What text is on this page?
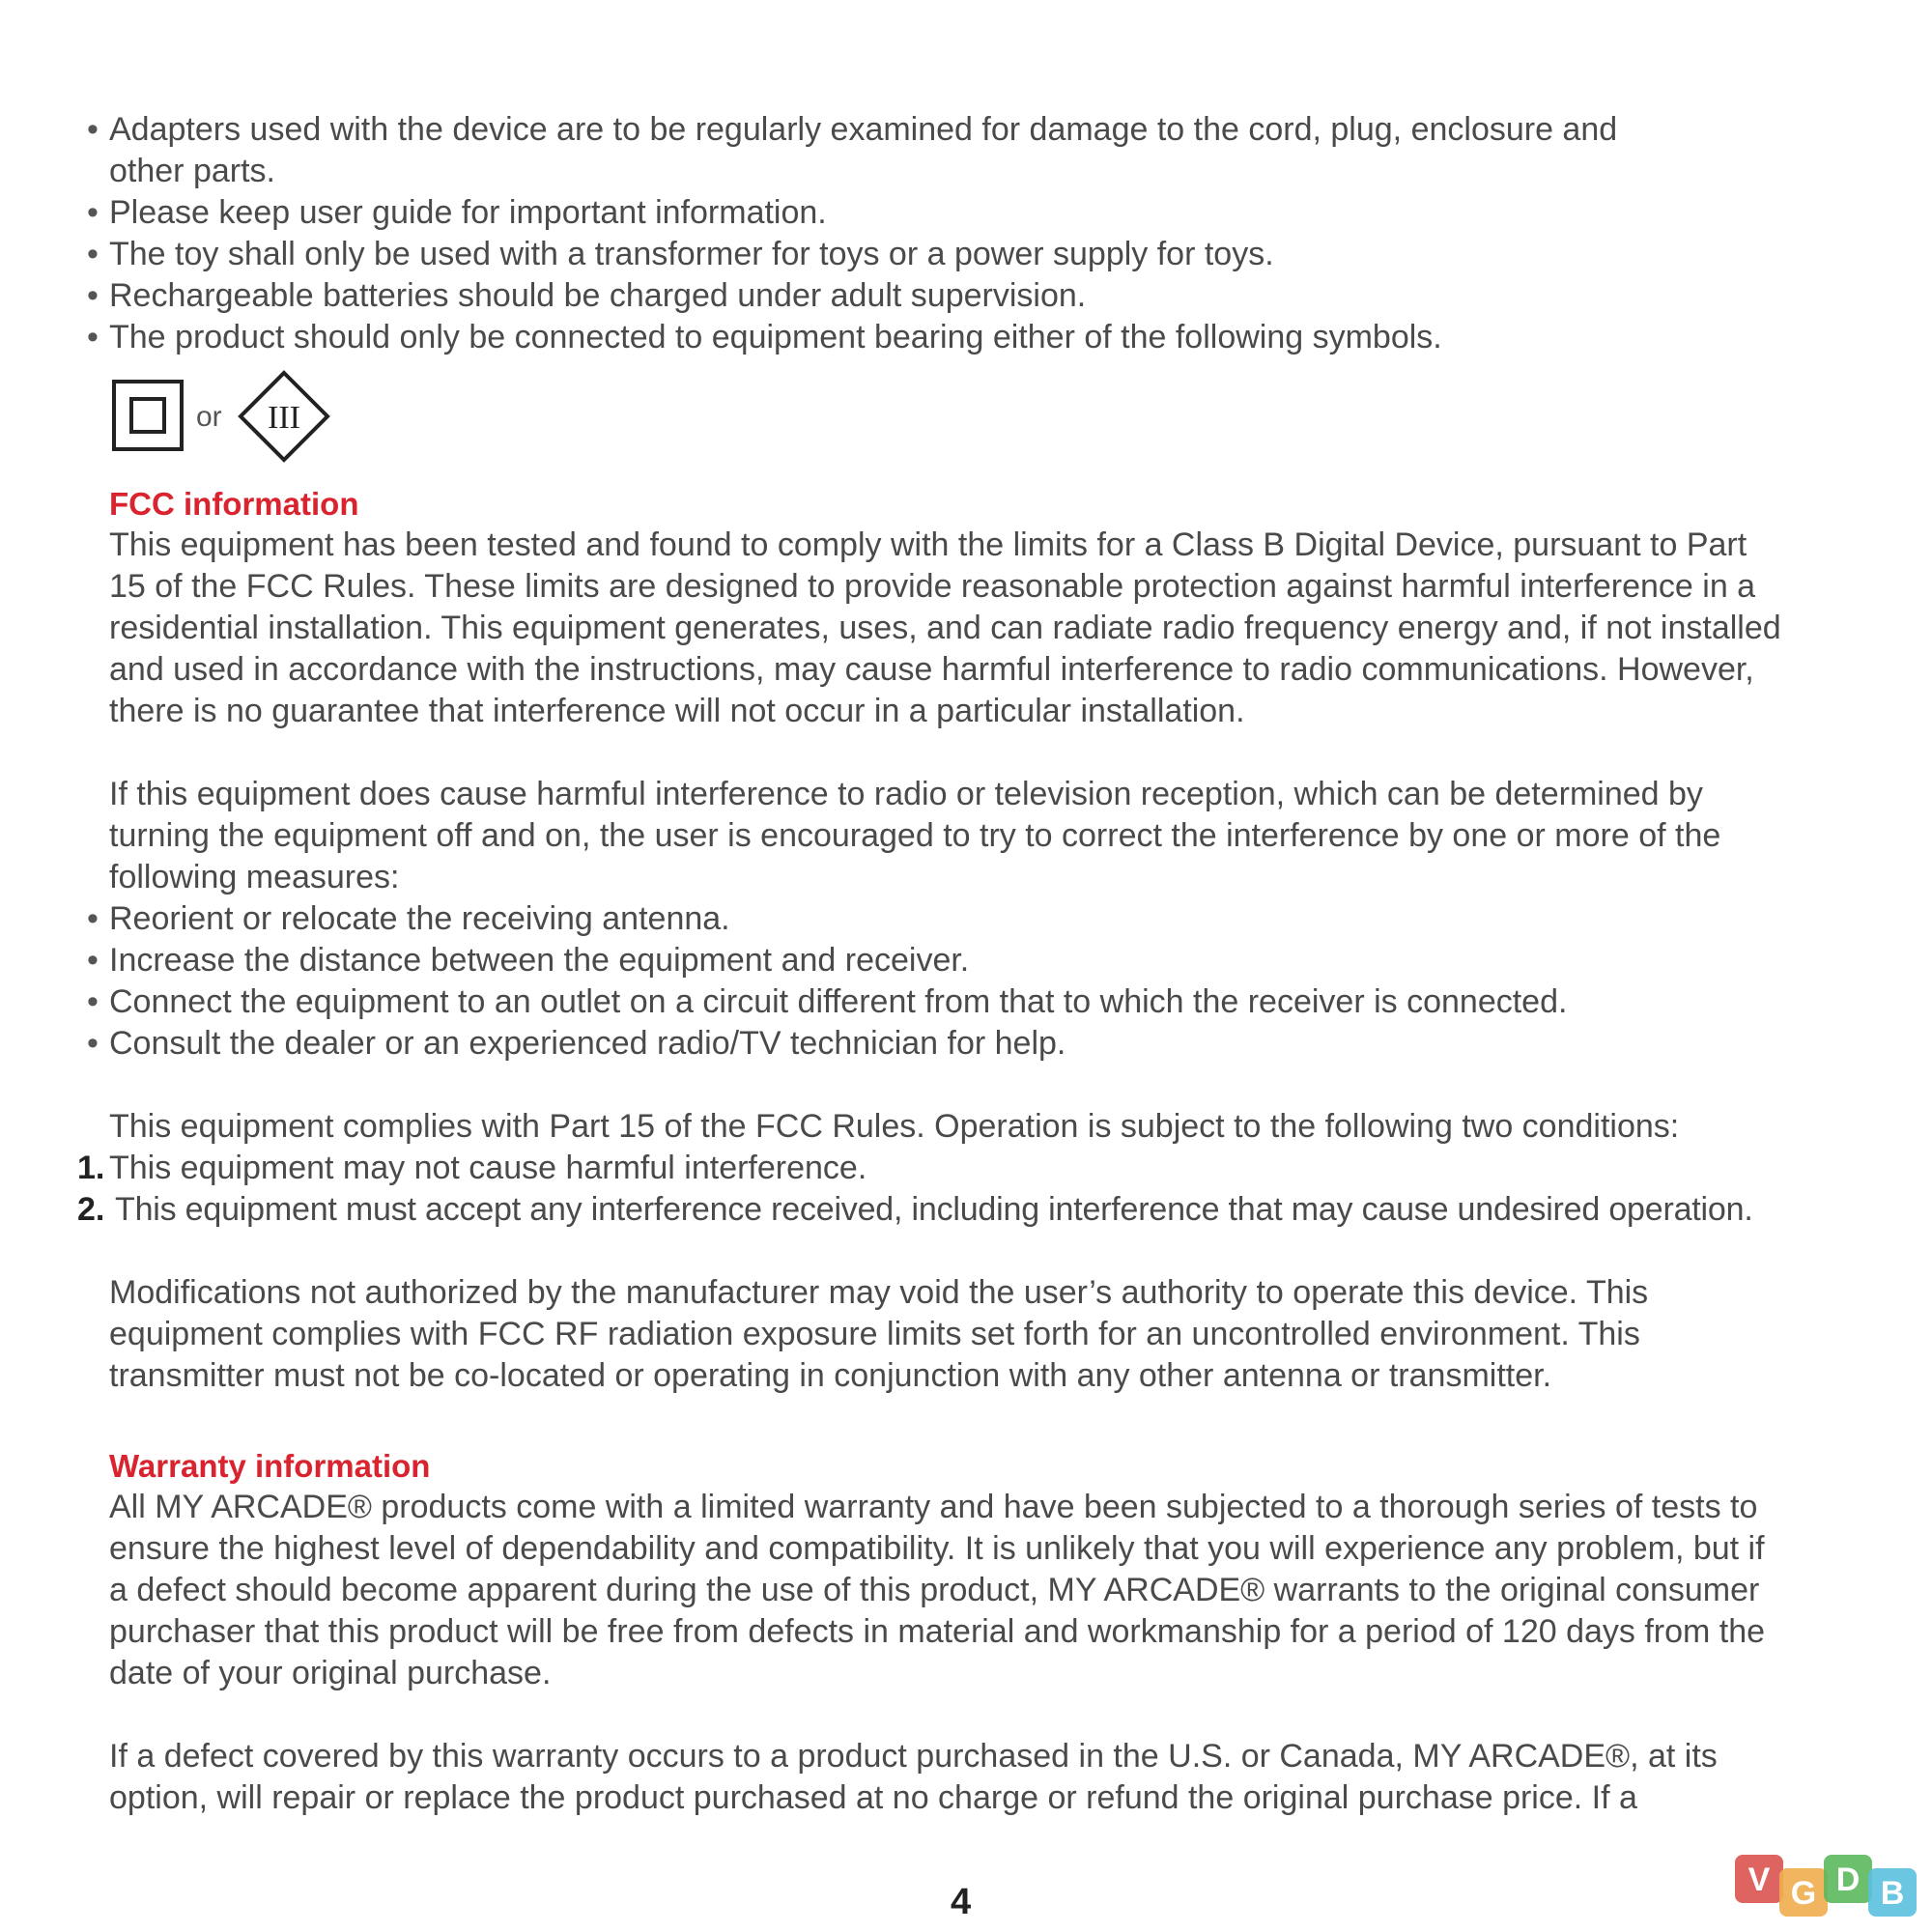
• Adapters used with the device are to be regularly examined for damage to the cord, plug, enclosure and
other parts.
• Please keep user guide for important information.
• The toy shall only be used with a transformer for toys or a power supply for toys.
• Rechargeable batteries should be charged under adult supervision.
• The product should only be connected to equipment bearing either of the following symbols.
or III
FCC information
This equipment has been tested and found to comply with the limits for a Class B Digital Device, pursuant to Part
15 of the FCC Rules. These limits are designed to provide reasonable protection against harmful interference in a
residential installation. This equipment generates, uses, and can radiate radio frequency energy and, if not installed
and used in accordance with the instructions, may cause harmful interference to radio communications. However,
there is no guarantee that interference will not occur in a particular installation.
If this equipment does cause harmful interference to radio or television reception, which can be determined by
turning the equipment off and on, the user is encouraged to try to correct the interference by one or more of the
following measures:
• Reorient or relocate the receiving antenna.
• Increase the distance between the equipment and receiver.
• Connect the equipment to an outlet on a circuit different from that to which the receiver is connected.
• Consult the dealer or an experienced radio/TV technician for help.
This equipment complies with Part 15 of the FCC Rules. Operation is subject to the following two conditions:
1. This equipment may not cause harmful interference.
2. This equipment must accept any interference received, including interference that may cause undesired operation.
Modifications not authorized by the manufacturer may void the user’s authority to operate this device. This
equipment complies with FCC RF radiation exposure limits set forth for an uncontrolled environment. This
transmitter must not be co-located or operating in conjunction with any other antenna or transmitter.
Warranty information
All MY ARCADE® products come with a limited warranty and have been subjected to a thorough series of tests to
ensure the highest level of dependability and compatibility. It is unlikely that you will experience any problem, but if
a defect should become apparent during the use of this product, MY ARCADE® warrants to the original consumer
purchaser that this product will be free from defects in material and workmanship for a period of 120 days from the
date of your original purchase.
If a defect covered by this warranty occurs to a product purchased in the U.S. or Canada, MY ARCADE®, at its
option, will repair or replace the product purchased at no charge or refund the original purchase price. If a
4
V G D B
